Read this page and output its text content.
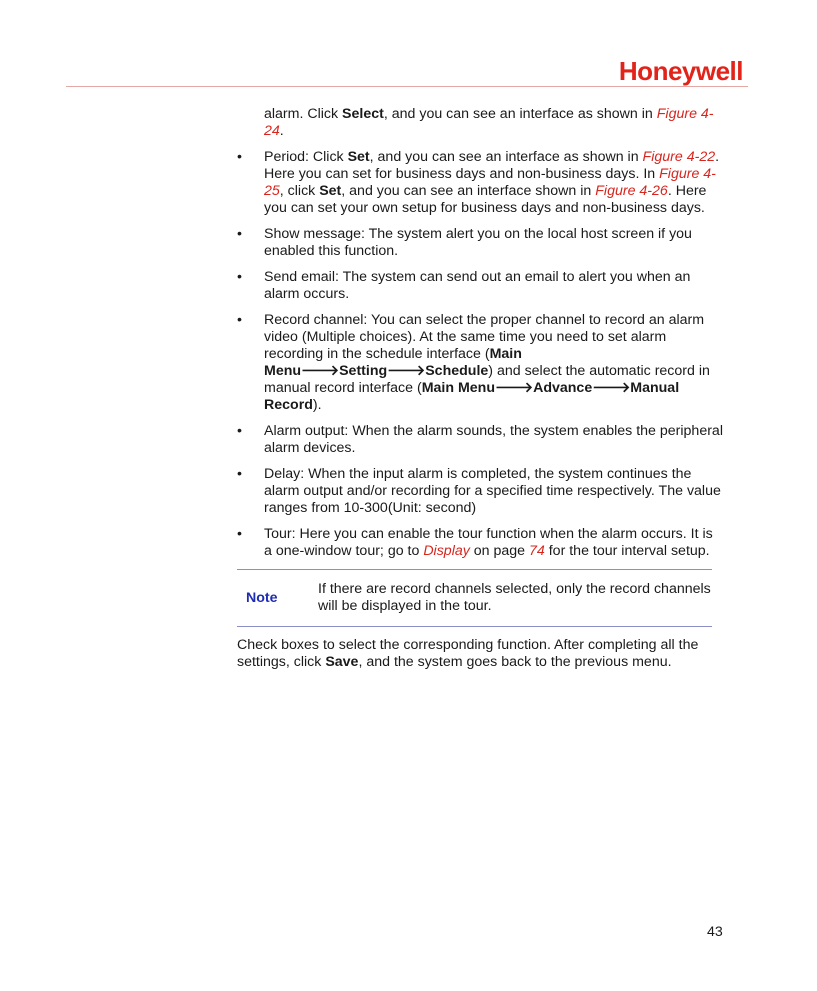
Honeywell

alarm. Click Select, and you can see an interface as shown in Figure 4-24.

• Period: Click Set, and you can see an interface as shown in Figure 4-22. Here you can set for business days and non-business days. In Figure 4-25, click Set, and you can see an interface shown in Figure 4-26. Here you can set your own setup for business days and non-business days.
• Show message: The system alert you on the local host screen if you enabled this function.
• Send email: The system can send out an email to alert you when an alarm occurs.
• Record channel: You can select the proper channel to record an alarm video (Multiple choices). At the same time you need to set alarm recording in the schedule interface (Main Menu🡒Setting🡒Schedule) and select the automatic record in manual record interface (Main Menu🡒Advance🡒Manual Record).
• Alarm output: When the alarm sounds, the system enables the peripheral alarm devices.
• Delay: When the input alarm is completed, the system continues the alarm output and/or recording for a specified time respectively. The value ranges from 10-300(Unit: second)
• Tour: Here you can enable the tour function when the alarm occurs. It is a one-window tour; go to Display on page 74 for the tour interval setup.
Note
If there are record channels selected, only the record channels will be displayed in the tour.

Check boxes to select the corresponding function. After completing all the settings, click Save, and the system goes back to the previous menu.

43
